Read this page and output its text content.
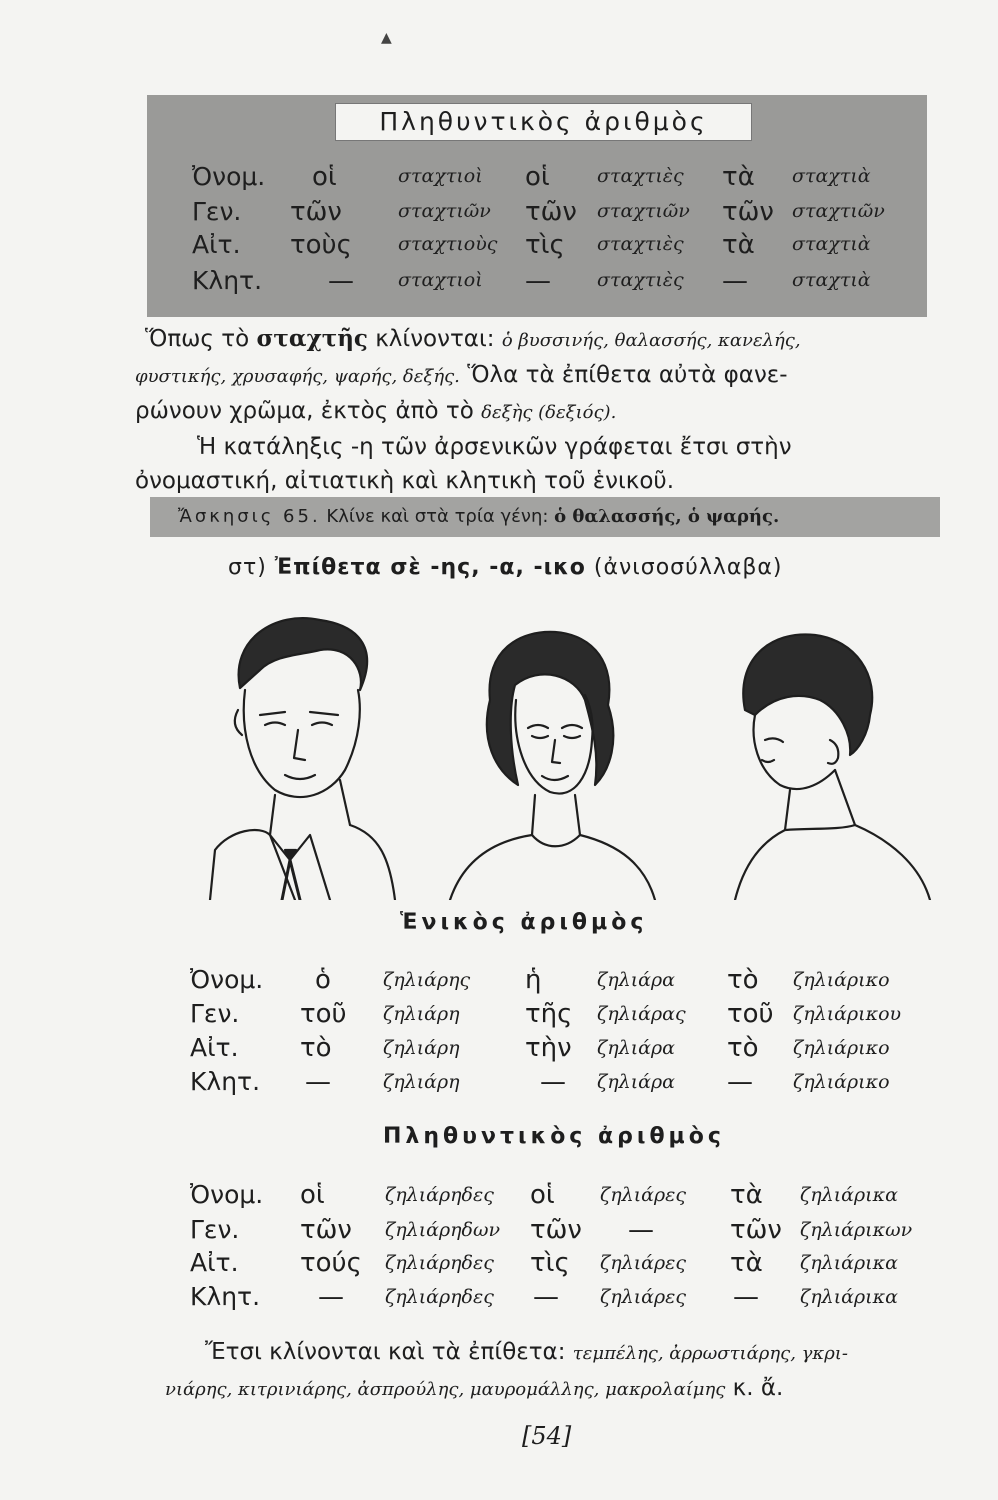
▲
Πληθυντικὸς ἀριθμὸς
Ὀνομ. οἱ	σταχτιοὶ οἱ σταχτιὲς τὰ σταχτιὰ
Γεν. τῶν	σταχτιῶν τῶν σταχτιῶν τῶν σταχτιῶν
Αἰτ. τοὺς σταχτιοὺς τὶς σταχτιὲς τὰ σταχτιὰ
Κλητ.	— σταχτιοὶ — σταχτιὲς — σταχτιὰ
Ὅπως τὸ σταχτῆς κλίνονται: ὁ βυσσινής, θαλασσής, κανελής,
φυστικής, χρυσαφής, ψαρής, δεξής. Ὅλα τὰ ἐπίθετα αὐτὰ φανε-
ρώνουν χρῶμα, ἐκτὸς ἀπὸ τὸ δεξὴς (δεξιός).
Ἡ κατάληξις -η τῶν ἀρσενικῶν γράφεται ἔτσι στὴν
ὀνομαστική, αἰτιατικὴ καὶ κλητικὴ τοῦ ἑνικοῦ.
Ἄσκησις 65. Κλίνε καὶ στὰ τρία γένη: ὁ θαλασσής, ὁ ψαρής.
στ) Ἐπίθετα σὲ -ης, -α, -ικο (ἀνισοσύλλαβα)
Ἑνικὸς ἀριθμὸς
Ὀνομ. ὁ	ζηλιάρης ἡ	ζηλιάρα τὸ ζηλιάρικο
Γεν. τοῦ ζηλιάρη	τῆς ζηλιάρας τοῦ ζηλιάρικου
Αἰτ. τὸ	ζηλιάρη	τὴν ζηλιάρα τὸ ζηλιάρικο
Κλητ. —	ζηλιάρη	— ζηλιάρα — ζηλιάρικο
Πληθυντικὸς ἀριθμὸς
Ὀνομ. οἱ	ζηλιάρηδες οἱ ζηλιάρες τὰ ζηλιάρικα
Γεν. τῶν ζηλιάρηδων τῶν —	τῶν ζηλιάρικων
Αἰτ. τούς ζηλιάρηδες τὶς ζηλιάρες τὰ ζηλιάρικα
Κλητ. — ζηλιάρηδες — ζηλιάρες — ζηλιάρικα
Ἔτσι κλίνονται καὶ τὰ ἐπίθετα: τεμπέλης, ἀρρωστιάρης, γκρι-
νιάρης, κιτρινιάρης, ἀσπρούλης, μαυρομάλλης, μακρολαίμης κ. ἄ.
[54]
